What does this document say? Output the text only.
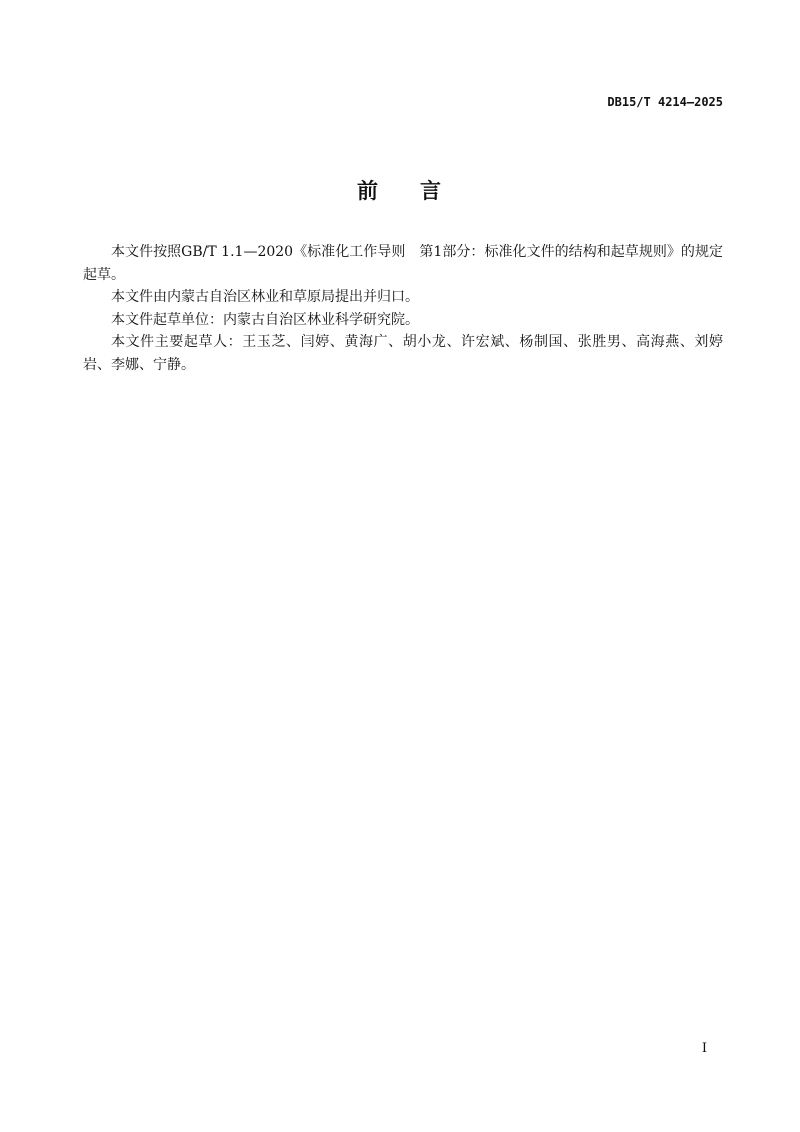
DB15/T 4214—2025
前言

本文件按照GB/T 1.1—2020《标准化工作导则　第1部分：标准化文件的结构和起草规则》的规定起草。

本文件由内蒙古自治区林业和草原局提出并归口。

本文件起草单位：内蒙古自治区林业科学研究院。

本文件主要起草人：王玉芝、闫婷、黄海广、胡小龙、许宏斌、杨制国、张胜男、高海燕、刘婷岩、李娜、宁静。

I
